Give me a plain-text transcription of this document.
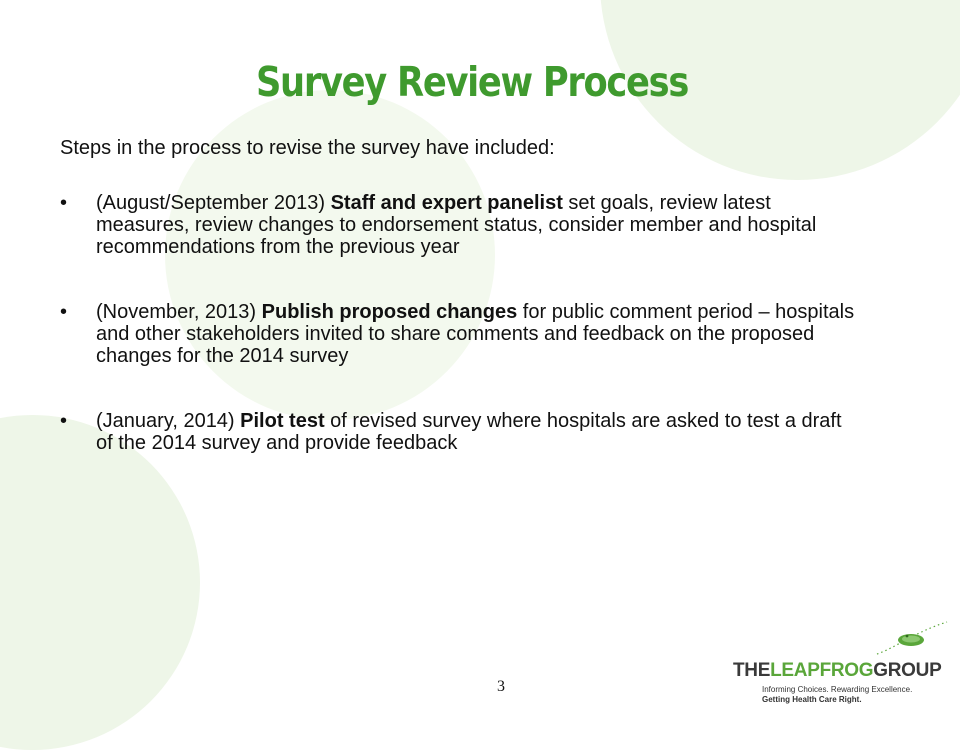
Survey Review Process
Steps in the process to revise the survey have included:
• (August/September 2013) Staff and expert panelist set goals, review latest measures, review changes to endorsement status, consider member and hospital recommendations from the previous year
• (November, 2013) Publish proposed changes for public comment period – hospitals and other stakeholders invited to share comments and feedback on the proposed changes for the 2014 survey
• (January, 2014) Pilot test of revised survey where hospitals are asked to test a draft of the 2014 survey and provide feedback
3
THELEAPFROGGROUP
Informing Choices. Rewarding Excellence.
Getting Health Care Right.
